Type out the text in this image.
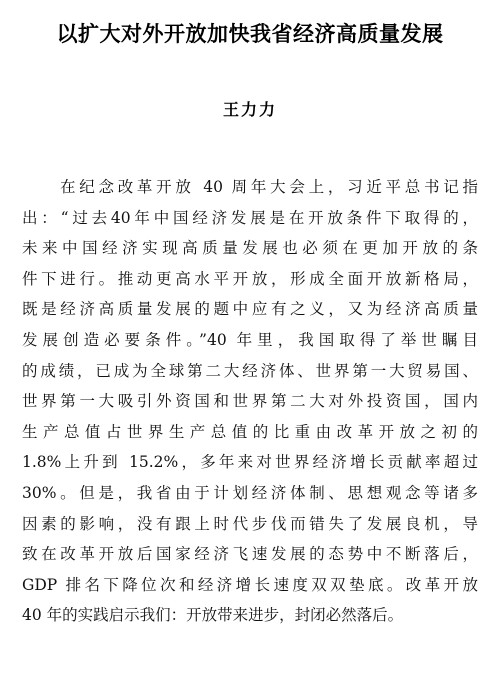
以扩大对外开放加快我省经济高质量发展
王力力
在纪念改革开放 40 周年大会上，习近平总书记指
出：“过去40年中国经济发展是在开放条件下取得的，
未来中国经济实现高质量发展也必须在更加开放的条
件下进行。推动更高水平开放，形成全面开放新格局，
既是经济高质量发展的题中应有之义，又为经济高质量
发展创造必要条件。”40 年里，我国取得了举世瞩目
的成绩，已成为全球第二大经济体、世界第一大贸易国、
世界第一大吸引外资国和世界第二大对外投资国，国内
生产总值占世界生产总值的比重由改革开放之初的
1.8%上升到 15.2%，多年来对世界经济增长贡献率超过
30%。但是，我省由于计划经济体制、思想观念等诸多
因素的影响，没有跟上时代步伐而错失了发展良机，导
致在改革开放后国家经济飞速发展的态势中不断落后，
GDP 排名下降位次和经济增长速度双双垫底。改革开放
40 年的实践启示我们：开放带来进步，封闭必然落后。
